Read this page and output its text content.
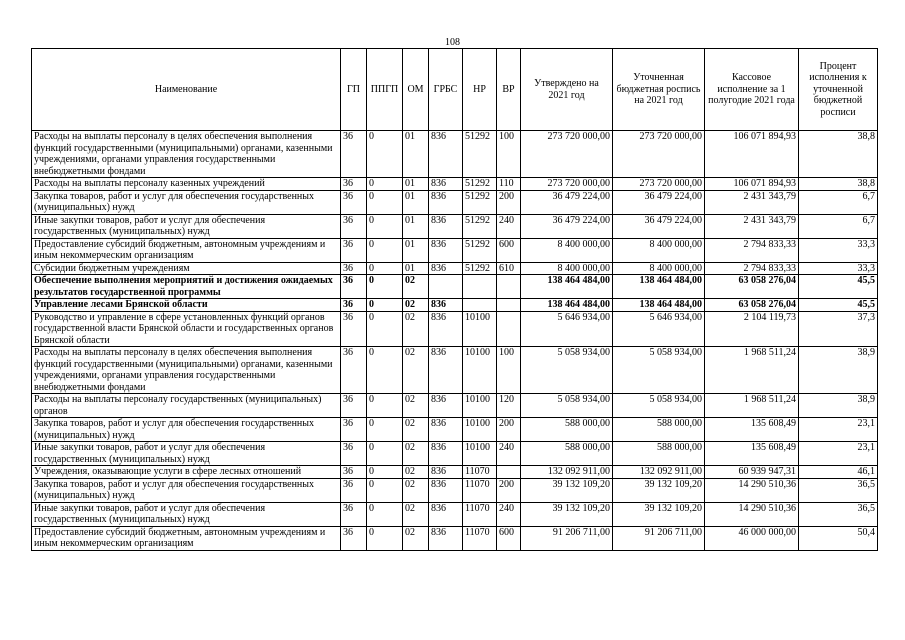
108
Наименование	ГП	ППГП	ОМ	ГРБС	НР	ВР	Утверждено на 2021 год	Уточненная бюджетная роспись на 2021 год	Кассовое исполнение за 1 полугодие 2021 года	Процент исполнения к уточненной бюджетной росписи
Расходы на выплаты персоналу в целях обеспечения выполнения функций государственными (муниципальными) органами, казенными учреждениями, органами управления государственными внебюджетными фондами	36	0	01	836	51292	100	273 720 000,00	273 720 000,00	106 071 894,93	38,8
Расходы на выплаты персоналу казенных учреждений	36	0	01	836	51292	110	273 720 000,00	273 720 000,00	106 071 894,93	38,8
Закупка товаров, работ и услуг для обеспечения государственных (муниципальных) нужд	36	0	01	836	51292	200	36 479 224,00	36 479 224,00	2 431 343,79	6,7
Иные закупки товаров, работ и услуг для обеспечения государственных (муниципальных) нужд	36	0	01	836	51292	240	36 479 224,00	36 479 224,00	2 431 343,79	6,7
Предоставление субсидий бюджетным, автономным учреждениям и иным некоммерческим организациям	36	0	01	836	51292	600	8 400 000,00	8 400 000,00	2 794 833,33	33,3
Субсидии бюджетным учреждениям	36	0	01	836	51292	610	8 400 000,00	8 400 000,00	2 794 833,33	33,3
Обеспечение выполнения мероприятий и достижения ожидаемых результатов государственной программы	36	0	02				138 464 484,00	138 464 484,00	63 058 276,04	45,5
Управление лесами Брянской области	36	0	02	836			138 464 484,00	138 464 484,00	63 058 276,04	45,5
Руководство и управление в сфере установленных функций органов государственной власти Брянской области и государственных органов Брянской области	36	0	02	836	10100		5 646 934,00	5 646 934,00	2 104 119,73	37,3
Расходы на выплаты персоналу в целях обеспечения выполнения функций государственными (муниципальными) органами, казенными учреждениями, органами управления государственными внебюджетными фондами	36	0	02	836	10100	100	5 058 934,00	5 058 934,00	1 968 511,24	38,9
Расходы на выплаты персоналу государственных (муниципальных) органов	36	0	02	836	10100	120	5 058 934,00	5 058 934,00	1 968 511,24	38,9
Закупка товаров, работ и услуг для обеспечения государственных (муниципальных) нужд	36	0	02	836	10100	200	588 000,00	588 000,00	135 608,49	23,1
Иные закупки товаров, работ и услуг для обеспечения государственных (муниципальных) нужд	36	0	02	836	10100	240	588 000,00	588 000,00	135 608,49	23,1
Учреждения, оказывающие услуги в сфере лесных отношений	36	0	02	836	11070		132 092 911,00	132 092 911,00	60 939 947,31	46,1
Закупка товаров, работ и услуг для обеспечения государственных (муниципальных) нужд	36	0	02	836	11070	200	39 132 109,20	39 132 109,20	14 290 510,36	36,5
Иные закупки товаров, работ и услуг для обеспечения государственных (муниципальных) нужд	36	0	02	836	11070	240	39 132 109,20	39 132 109,20	14 290 510,36	36,5
Предоставление субсидий бюджетным, автономным учреждениям и иным некоммерческим организациям	36	0	02	836	11070	600	91 206 711,00	91 206 711,00	46 000 000,00	50,4
